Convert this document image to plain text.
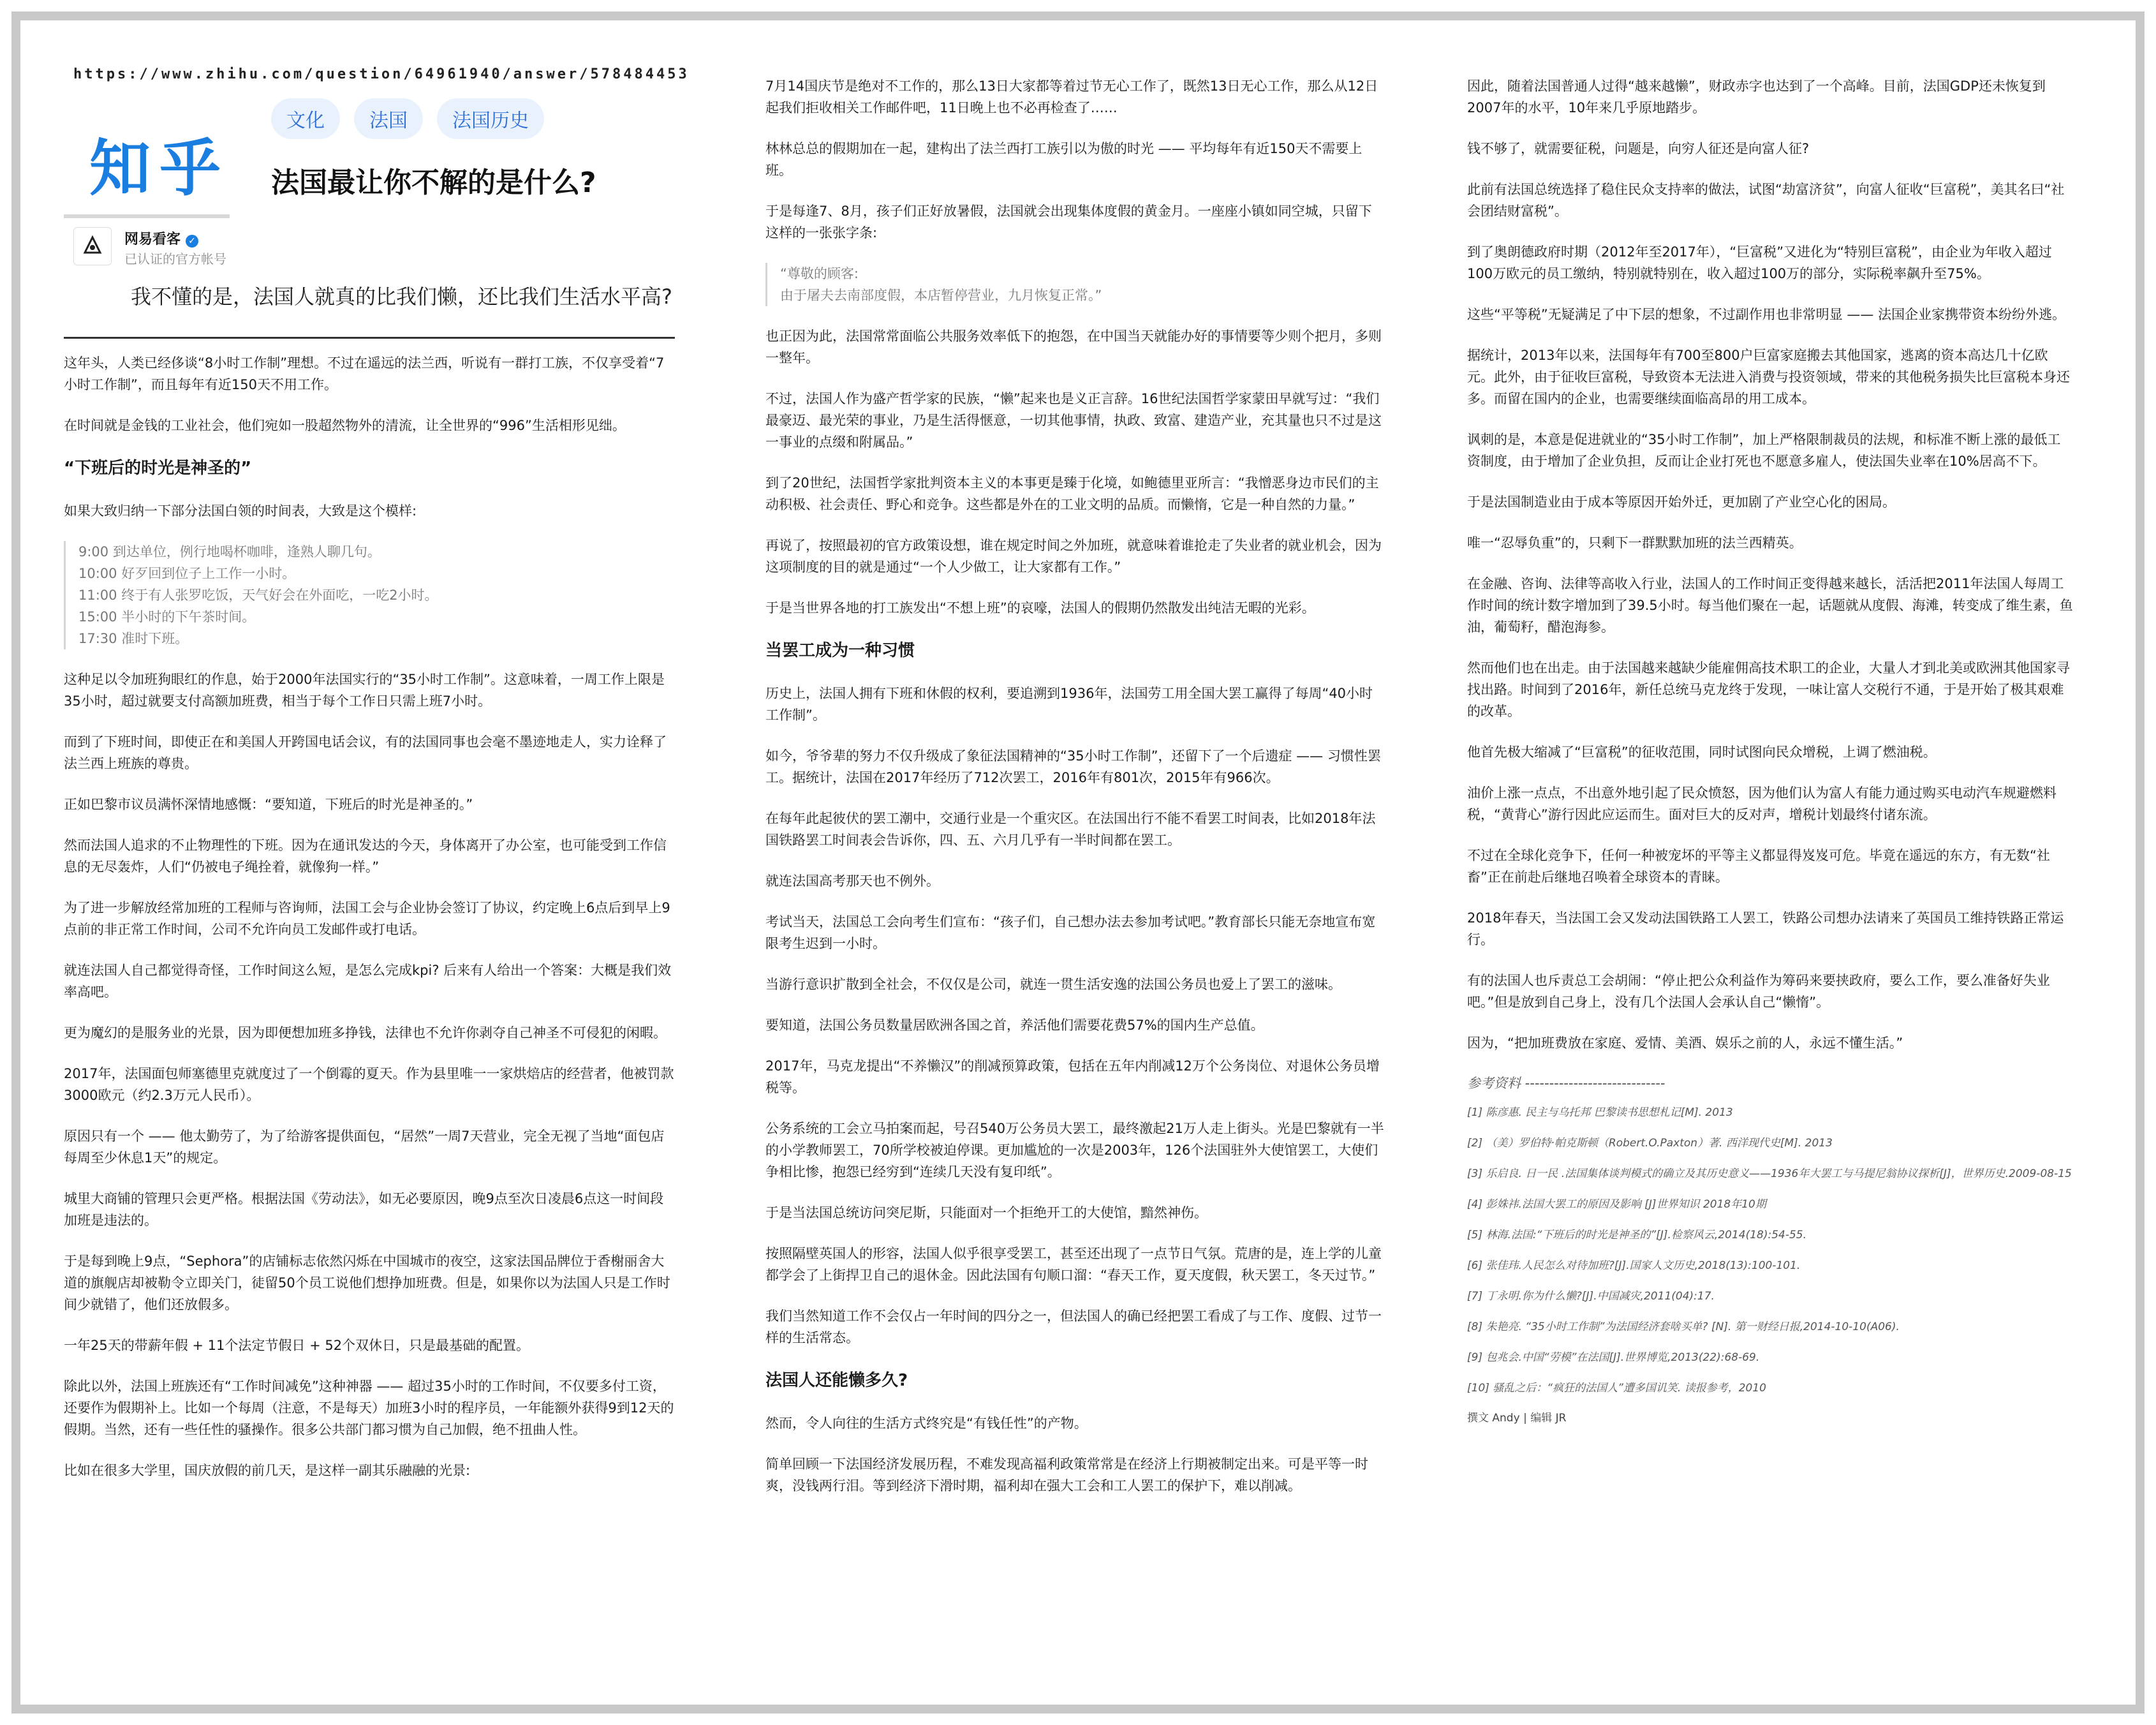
https://www.zhihu.com/question/64961940/answer/578484453
知乎
文化	法国	法国历史
法国最让你不解的是什么?
网易看客 ✓
已认证的官方帐号
我不懂的是，法国人就真的比我们懒，还比我们生活水平高?

这年头，人类已经侈谈“8小时工作制”理想。不过在遥远的法兰西，听说有一群打工族，不仅享受着“7小时工作制”，而且每年有近150天不用工作。

在时间就是金钱的工业社会，他们宛如一股超然物外的清流，让全世界的“996”生活相形见绌。

“下班后的时光是神圣的”

如果大致归纳一下部分法国白领的时间表，大致是这个模样:

9:00 到达单位，例行地喝杯咖啡，逢熟人聊几句。

10:00 好歹回到位子上工作一小时。

11:00 终于有人张罗吃饭，天气好会在外面吃，一吃2小时。

15:00 半小时的下午茶时间。

17:30 准时下班。

这种足以令加班狗眼红的作息，始于2000年法国实行的“35小时工作制”。这意味着，一周工作上限是35小时，超过就要支付高额加班费，相当于每个工作日只需上班7小时。

而到了下班时间，即使正在和美国人开跨国电话会议，有的法国同事也会毫不墨迹地走人，实力诠释了法兰西上班族的尊贵。

正如巴黎市议员满怀深情地感慨：“要知道，下班后的时光是神圣的。”

然而法国人追求的不止物理性的下班。因为在通讯发达的今天，身体离开了办公室，也可能受到工作信息的无尽轰炸，人们“仍被电子绳拴着，就像狗一样。”

为了进一步解放经常加班的工程师与咨询师，法国工会与企业协会签订了协议，约定晚上6点后到早上9点前的非正常工作时间，公司不允许向员工发邮件或打电话。

就连法国人自己都觉得奇怪，工作时间这么短，是怎么完成kpi? 后来有人给出一个答案：大概是我们效率高吧。

更为魔幻的是服务业的光景，因为即便想加班多挣钱，法律也不允许你剥夺自己神圣不可侵犯的闲暇。

2017年，法国面包师塞德里克就度过了一个倒霉的夏天。作为县里唯一一家烘焙店的经营者，他被罚款3000欧元（约2.3万元人民币）。

原因只有一个 —— 他太勤劳了，为了给游客提供面包，“居然”一周7天营业，完全无视了当地“面包店每周至少休息1天”的规定。

城里大商铺的管理只会更严格。根据法国《劳动法》，如无必要原因，晚9点至次日凌晨6点这一时间段加班是违法的。

于是每到晚上9点，“Sephora”的店铺标志依然闪烁在中国城市的夜空，这家法国品牌位于香榭丽舍大道的旗舰店却被勒令立即关门，徒留50个员工说他们想挣加班费。但是，如果你以为法国人只是工作时间少就错了，他们还放假多。

一年25天的带薪年假 + 11个法定节假日 + 52个双休日，只是最基础的配置。

除此以外，法国上班族还有“工作时间减免”这种神器 —— 超过35小时的工作时间，不仅要多付工资，还要作为假期补上。比如一个每周（注意，不是每天）加班3小时的程序员，一年能额外获得9到12天的假期。当然，还有一些任性的骚操作。很多公共部门都习惯为自己加假，绝不扭曲人性。

比如在很多大学里，国庆放假的前几天，是这样一副其乐融融的光景:

7月14国庆节是绝对不工作的，那么13日大家都等着过节无心工作了，既然13日无心工作，那么从12日起我们拒收相关工作邮件吧，11日晚上也不必再检查了……

林林总总的假期加在一起，建构出了法兰西打工族引以为傲的时光 —— 平均每年有近150天不需要上班。

于是每逢7、8月，孩子们正好放暑假，法国就会出现集体度假的黄金月。一座座小镇如同空城，只留下这样的一张张字条:

“尊敬的顾客:

由于屠夫去南部度假，本店暂停营业，九月恢复正常。”

也正因为此，法国常常面临公共服务效率低下的抱怨，在中国当天就能办好的事情要等少则个把月，多则一整年。

不过，法国人作为盛产哲学家的民族，“懒”起来也是义正言辞。16世纪法国哲学家蒙田早就写过：“我们最豪迈、最光荣的事业，乃是生活得惬意，一切其他事情，执政、致富、建造产业，充其量也只不过是这一事业的点缀和附属品。”

到了20世纪，法国哲学家批判资本主义的本事更是臻于化境，如鲍德里亚所言：“我憎恶身边市民们的主动积极、社会责任、野心和竞争。这些都是外在的工业文明的品质。而懒惰，它是一种自然的力量。”

再说了，按照最初的官方政策设想，谁在规定时间之外加班，就意味着谁抢走了失业者的就业机会，因为这项制度的目的就是通过“一个人少做工，让大家都有工作。”

于是当世界各地的打工族发出“不想上班”的哀嚎，法国人的假期仍然散发出纯洁无暇的光彩。

当罢工成为一种习惯

历史上，法国人拥有下班和休假的权利，要追溯到1936年，法国劳工用全国大罢工赢得了每周“40小时工作制”。

如今，爷爷辈的努力不仅升级成了象征法国精神的“35小时工作制”，还留下了一个后遗症 —— 习惯性罢工。据统计，法国在2017年经历了712次罢工，2016年有801次，2015年有966次。

在每年此起彼伏的罢工潮中，交通行业是一个重灾区。在法国出行不能不看罢工时间表，比如2018年法国铁路罢工时间表会告诉你，四、五、六月几乎有一半时间都在罢工。

就连法国高考那天也不例外。

考试当天，法国总工会向考生们宣布：“孩子们，自己想办法去参加考试吧。”教育部长只能无奈地宣布宽限考生迟到一小时。

当游行意识扩散到全社会，不仅仅是公司，就连一贯生活安逸的法国公务员也爱上了罢工的滋味。

要知道，法国公务员数量居欧洲各国之首，养活他们需要花费57%的国内生产总值。

2017年，马克龙提出“不养懒汉”的削减预算政策，包括在五年内削减12万个公务岗位、对退休公务员增税等。

公务系统的工会立马拍案而起，号召540万公务员大罢工，最终激起21万人走上街头。光是巴黎就有一半的小学教师罢工，70所学校被迫停课。更加尴尬的一次是2003年，126个法国驻外大使馆罢工，大使们争相比惨，抱怨已经穷到“连续几天没有复印纸”。

于是当法国总统访问突尼斯，只能面对一个拒绝开工的大使馆，黯然神伤。

按照隔壁英国人的形容，法国人似乎很享受罢工，甚至还出现了一点节日气氛。荒唐的是，连上学的儿童都学会了上街捍卫自己的退休金。因此法国有句顺口溜：“春天工作，夏天度假，秋天罢工，冬天过节。”

我们当然知道工作不会仅占一年时间的四分之一，但法国人的确已经把罢工看成了与工作、度假、过节一样的生活常态。

法国人还能懒多久?

然而，令人向往的生活方式终究是“有钱任性”的产物。

简单回顾一下法国经济发展历程，不难发现高福利政策常常是在经济上行期被制定出来。可是平等一时爽，没钱两行泪。等到经济下滑时期，福利却在强大工会和工人罢工的保护下，难以削减。

因此，随着法国普通人过得“越来越懒”，财政赤字也达到了一个高峰。目前，法国GDP还未恢复到2007年的水平，10年来几乎原地踏步。

钱不够了，就需要征税，问题是，向穷人征还是向富人征?

此前有法国总统选择了稳住民众支持率的做法，试图“劫富济贫”，向富人征收“巨富税”，美其名曰“社会团结财富税”。

到了奥朗德政府时期（2012年至2017年），“巨富税”又进化为“特别巨富税”，由企业为年收入超过100万欧元的员工缴纳，特别就特别在，收入超过100万的部分，实际税率飙升至75%。

这些“平等税”无疑满足了中下层的想象，不过副作用也非常明显 —— 法国企业家携带资本纷纷外逃。

据统计，2013年以来，法国每年有700至800户巨富家庭搬去其他国家，逃离的资本高达几十亿欧元。此外，由于征收巨富税，导致资本无法进入消费与投资领域，带来的其他税务损失比巨富税本身还多。而留在国内的企业，也需要继续面临高昂的用工成本。

讽刺的是，本意是促进就业的“35小时工作制”，加上严格限制裁员的法规，和标准不断上涨的最低工资制度，由于增加了企业负担，反而让企业打死也不愿意多雇人，使法国失业率在10%居高不下。

于是法国制造业由于成本等原因开始外迁，更加剧了产业空心化的困局。

唯一“忍辱负重”的，只剩下一群默默加班的法兰西精英。

在金融、咨询、法律等高收入行业，法国人的工作时间正变得越来越长，活活把2011年法国人每周工作时间的统计数字增加到了39.5小时。每当他们聚在一起，话题就从度假、海滩，转变成了维生素，鱼油，葡萄籽，醋泡海参。

然而他们也在出走。由于法国越来越缺少能雇佣高技术职工的企业，大量人才到北美或欧洲其他国家寻找出路。时间到了2016年，新任总统马克龙终于发现，一味让富人交税行不通，于是开始了极其艰难的改革。

他首先极大缩减了“巨富税”的征收范围，同时试图向民众增税，上调了燃油税。

油价上涨一点点，不出意外地引起了民众愤怒，因为他们认为富人有能力通过购买电动汽车规避燃料税，“黄背心”游行因此应运而生。面对巨大的反对声，增税计划最终付诸东流。

不过在全球化竞争下，任何一种被宠坏的平等主义都显得岌岌可危。毕竟在遥远的东方，有无数“社畜”正在前赴后继地召唤着全球资本的青睐。

2018年春天，当法国工会又发动法国铁路工人罢工，铁路公司想办法请来了英国员工维持铁路正常运行。

有的法国人也斥责总工会胡闹：“停止把公众利益作为筹码来要挟政府，要么工作，要么准备好失业吧。”但是放到自己身上，没有几个法国人会承认自己“懒惰”。

因为，“把加班费放在家庭、爱情、美酒、娱乐之前的人，永远不懂生活。”

参考资料 -----------------------------
[1] 陈彦惠. 民主与乌托邦 巴黎读书思想札记[M]. 2013
[2] （美）罗伯特·帕克斯顿（Robert.O.Paxton）著. 西洋现代史[M]. 2013
[3] 乐启良. 日一民 .法国集体谈判模式的确立及其历史意义——1936年大罢工与马提尼翁协议探析[J]，世界历史.2009-08-15
[4] 彭姝祎.法国大罢工的原因及影响 [J]世界知识 2018年10期
[5] 林海.法国:“下班后的时光是神圣的”[J].检察风云,2014(18):54-55.
[6] 张佳玮.人民怎么对待加班?[J].国家人文历史,2018(13):100-101.
[7] 丁永明.你为什么懒?[J].中国减灾,2011(04):17.
[8] 朱艳亮. “35小时工作制”为法国经济套啥买单? [N]. 第一财经日报,2014-10-10(A06).
[9] 包兆会.中国“劳模”在法国[J].世界博览,2013(22):68-69.
[10] 骚乱之后：“疯狂的法国人”遭多国讥笑. 读报参考，2010
撰文 Andy | 编辑 JR
